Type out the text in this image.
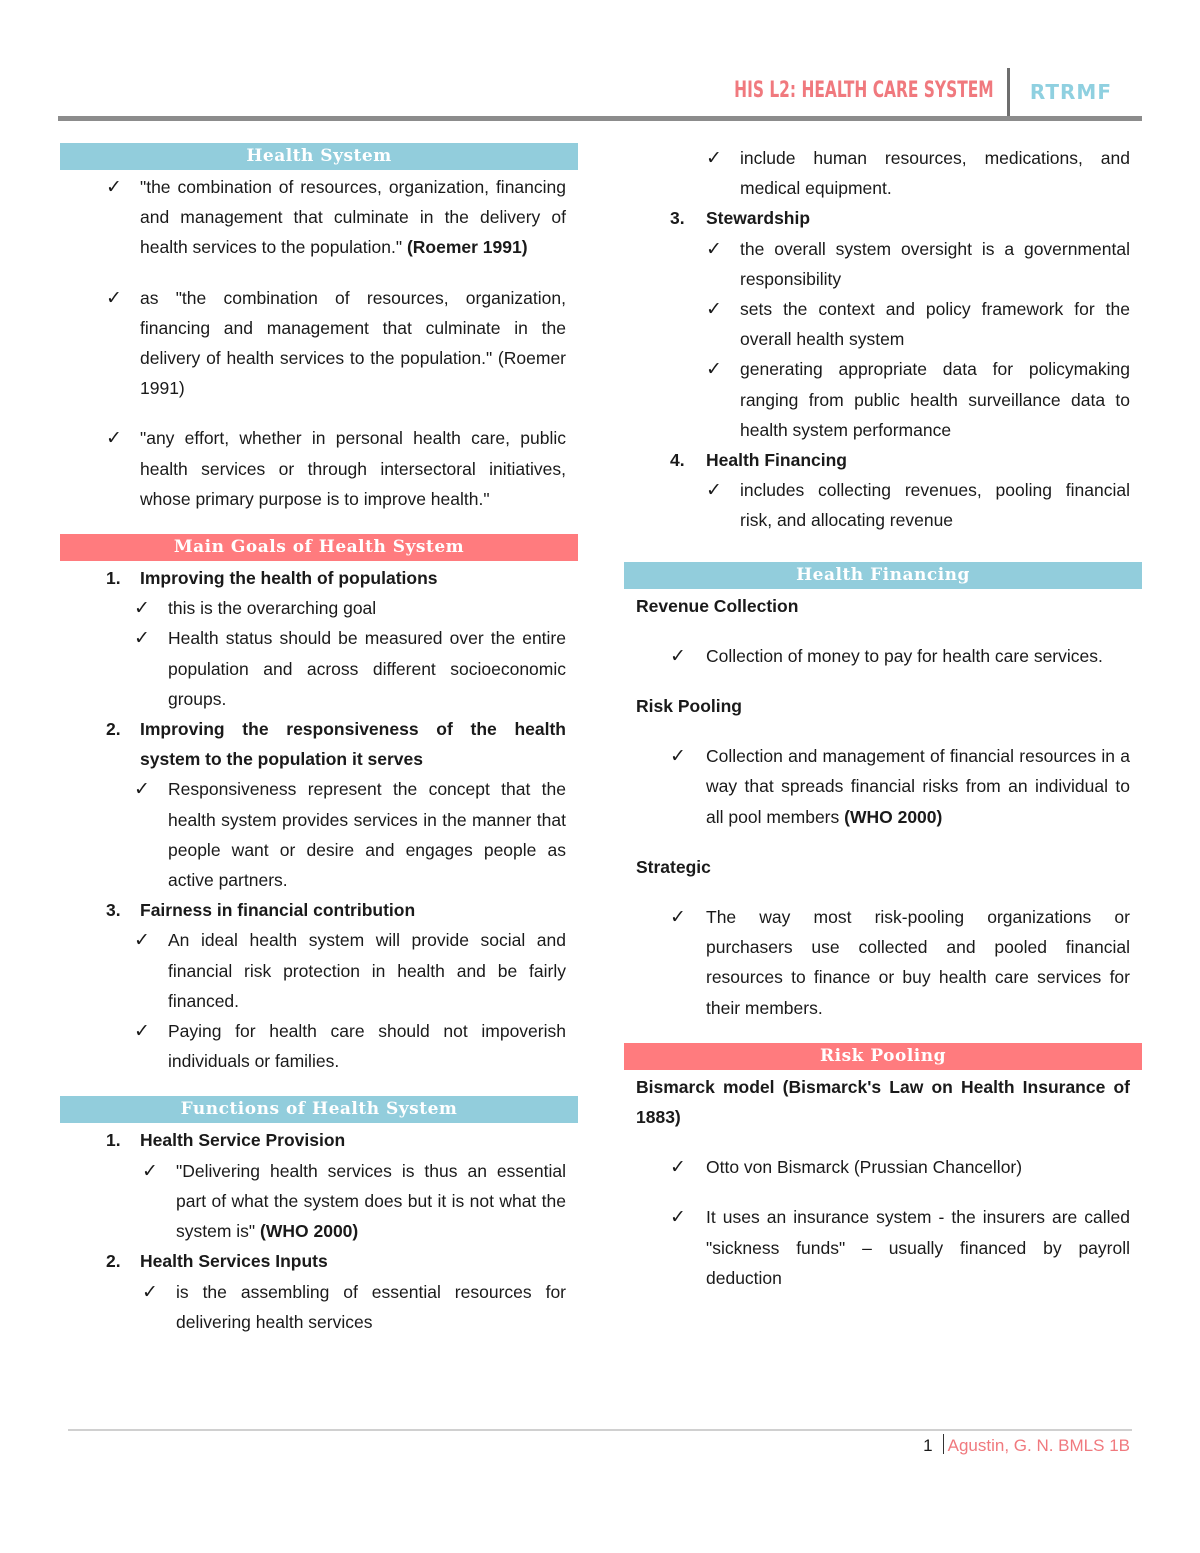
HIS L2: HEALTH CARE SYSTEM RTRMF
Health System
✓ "the combination of resources, organization, financing and management that culminate in the delivery of health services to the population." (Roemer 1991)
✓ as "the combination of resources, organization, financing and management that culminate in the delivery of health services to the population." (Roemer 1991)
✓ "any effort, whether in personal health care, public health services or through intersectoral initiatives, whose primary purpose is to improve health."
Main Goals of Health System
1. Improving the health of populations
✓ this is the overarching goal
✓ Health status should be measured over the entire population and across different socioeconomic groups.
2. Improving the responsiveness of the health system to the population it serves
✓ Responsiveness represent the concept that the health system provides services in the manner that people want or desire and engages people as active partners.
3. Fairness in financial contribution
✓ An ideal health system will provide social and financial risk protection in health and be fairly financed.
✓ Paying for health care should not impoverish individuals or families.
Functions of Health System
1. Health Service Provision
✓ "Delivering health services is thus an essential part of what the system does but it is not what the system is" (WHO 2000)
2. Health Services Inputs
✓ is the assembling of essential resources for delivering health services
✓ include human resources, medications, and medical equipment.
3. Stewardship
✓ the overall system oversight is a governmental responsibility
✓ sets the context and policy framework for the overall health system
✓ generating appropriate data for policymaking ranging from public health surveillance data to health system performance
4. Health Financing
✓ includes collecting revenues, pooling financial risk, and allocating revenue
Health Financing
Revenue Collection
✓ Collection of money to pay for health care services.
Risk Pooling
✓ Collection and management of financial resources in a way that spreads financial risks from an individual to all pool members (WHO 2000)
Strategic
✓ The way most risk-pooling organizations or purchasers use collected and pooled financial resources to finance or buy health care services for their members.
Risk Pooling
Bismarck model (Bismarck's Law on Health Insurance of 1883)
✓ Otto von Bismarck (Prussian Chancellor)
✓ It uses an insurance system - the insurers are called "sickness funds" – usually financed by payroll deduction
1 Agustin, G. N. BMLS 1B
